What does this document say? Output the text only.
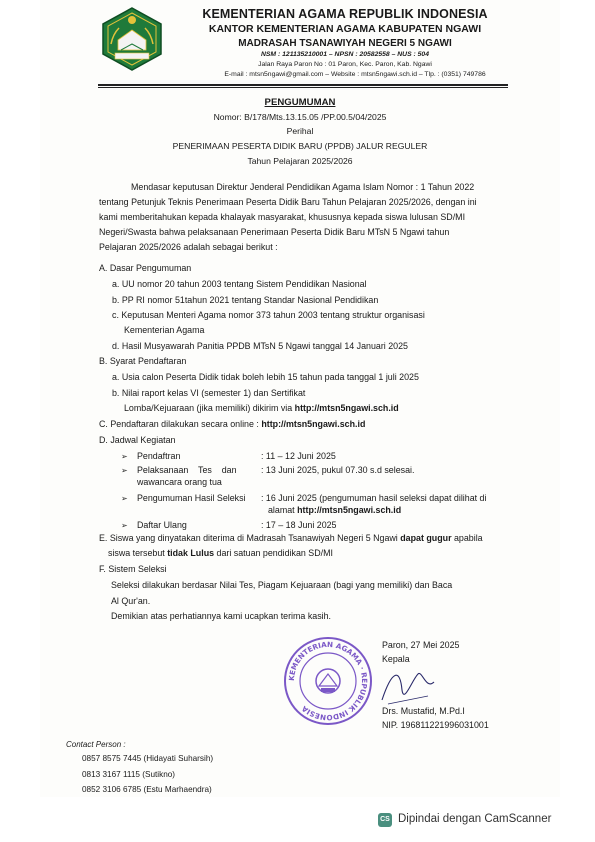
KEMENTERIAN AGAMA REPUBLIK INDONESIA
KANTOR KEMENTERIAN AGAMA KABUPATEN NGAWI
MADRASAH TSANAWIYAH NEGERI 5 NGAWI
NSM : 121135210001 – NPSN : 20582558 – NUS : 504
Jalan Raya Paron No : 01 Paron, Kec. Paron, Kab. Ngawi
E-mail : mtsn5ngawi@gmail.com – Website : mtsn5ngawi.sch.id – Tlp. : (0351) 749786
PENGUMUMAN
Nomor: B/178/Mts.13.15.05 /PP.00.5/04/2025
Perihal
PENERIMAAN PESERTA DIDIK BARU (PPDB) JALUR REGULER
Tahun Pelajaran 2025/2026
Mendasar keputusan Direktur Jenderal Pendidikan Agama Islam Nomor : 1 Tahun 2022
tentang Petunjuk Teknis Penerimaan Peserta Didik Baru Tahun Pelajaran 2025/2026, dengan ini
kami memberitahukan kepada khalayak masyarakat, khususnya kepada siswa lulusan SD/MI
Negeri/Swasta bahwa pelaksanaan Penerimaan Peserta Didik Baru MTsN 5 Ngawi tahun
Pelajaran 2025/2026 adalah sebagai berikut :
A. Dasar Pengumuman
a. UU nomor 20 tahun 2003 tentang Sistem Pendidikan Nasional
b. PP RI nomor 51tahun 2021 tentang Standar Nasional Pendidikan
c. Keputusan Menteri Agama nomor 373 tahun 2003 tentang struktur organisasi
Kementerian Agama
d. Hasil Musyawarah Panitia PPDB MTsN 5 Ngawi tanggal 14 Januari 2025
B. Syarat Pendaftaran
a. Usia calon Peserta Didik tidak boleh lebih 15 tahun pada tanggal 1 juli 2025
b. Nilai raport kelas VI (semester 1) dan Sertifikat
Lomba/Kejuaraan (jika memiliki) dikirim via http://mtsn5ngawi.sch.id
C. Pendaftaran dilakukan secara online : http://mtsn5ngawi.sch.id
D. Jadwal Kegiatan
➢ Pendaftran	: 11 – 12 Juni 2025
➢ Pelaksanaan    Tes    dan
wawancara orang tua
: 13 Juni 2025, pukul 07.30 s.d selesai.
➢ Pengumuman Hasil Seleksi : 16 Juni 2025 (pengumuman hasil seleksi dapat dilihat di
alamat http://mtsn5ngawi.sch.id
➢ Daftar Ulang	: 17 – 18 Juni 2025
E. Siswa yang dinyatakan diterima di Madrasah Tsanawiyah Negeri 5 Ngawi dapat gugur apabila
siswa tersebut tidak Lulus dari satuan pendidikan SD/MI
F. Sistem Seleksi
Seleksi dilakukan berdasar Nilai Tes, Piagam Kejuaraan (bagi yang memiliki) dan Baca
Al Qur'an.
Demikian atas perhatiannya kami ucapkan terima kasih.
Paron, 27 Mei 2025
Kepala
Drs. Mustafid, M.Pd.I
NIP. 196811221996031001
KEMENTERIAN AGAMA · REPUBLIK INDONESIA
Contact Person :
0857 8575 7445 (Hidayati Suharsih)
0813 3167 1115 (Sutikno)
0852 3106 6785 (Estu Marhaendra)
CS Dipindai dengan CamScanner
